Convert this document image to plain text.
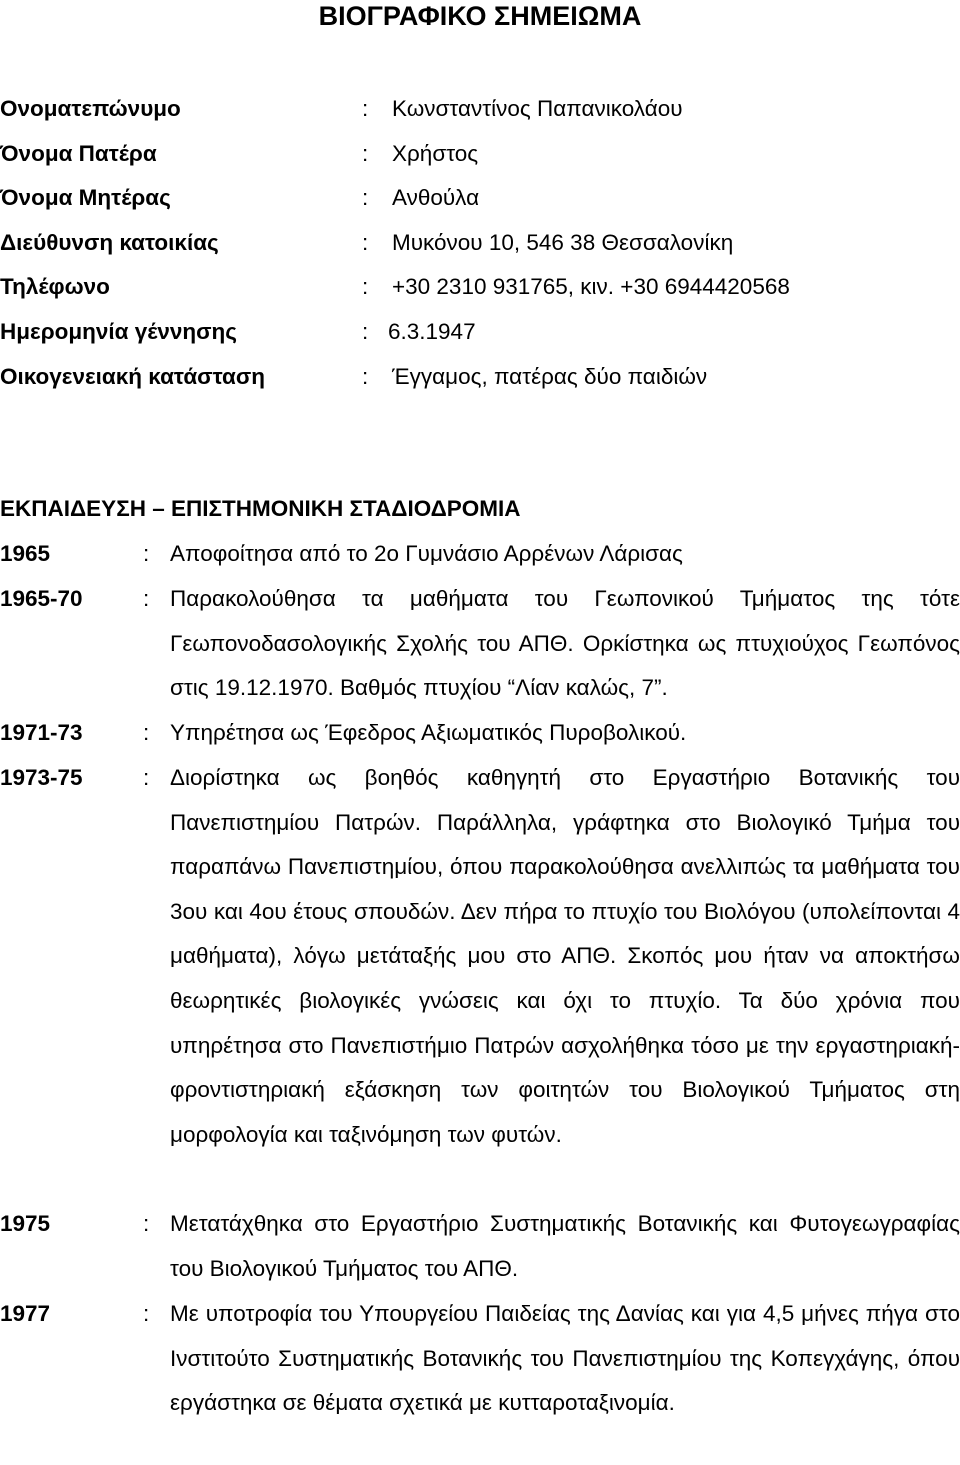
ΒΙΟΓΡΑΦΙΚΟ ΣΗΜΕΙΩΜΑ
Ονοματεπώνυμο	: Κωνσταντίνος Παπανικολάου
Όνομα Πατέρα	: Χρήστος
Όνομα Μητέρας	: Ανθούλα
Διεύθυνση κατοικίας	: Μυκόνου 10, 546 38 Θεσσαλονίκη
Τηλέφωνο	: +30 2310 931765, κιν. +30 6944420568
Ημερομηνία γέννησης	: 6.3.1947
Οικογενειακή κατάσταση	: Έγγαμος, πατέρας δύο παιδιών
ΕΚΠΑΙΔΕΥΣΗ – ΕΠΙΣΤΗΜΟΝΙΚΗ ΣΤΑΔΙΟΔΡΟΜΙΑ
1965	: Αποφοίτησα από το 2ο Γυμνάσιο Αρρένων Λάρισας
1965-70	: Παρακολούθησα τα μαθήματα του Γεωπονικού Τμήματος της τότε Γεωπονοδασολογικής Σχολής του ΑΠΘ. Ορκίστηκα ως πτυχιούχος Γεωπόνος στις 19.12.1970. Βαθμός πτυχίου “Λίαν καλώς, 7”.
1971-73	: Υπηρέτησα ως Έφεδρος Αξιωματικός Πυροβολικού.
1973-75	: Διορίστηκα ως βοηθός καθηγητή στο Εργαστήριο Βοτανικής του Πανεπιστημίου Πατρών. Παράλληλα, γράφτηκα στο Βιολογικό Τμήμα του παραπάνω Πανεπιστημίου, όπου παρακολούθησα ανελλιπώς τα μαθήματα του 3ου και 4ου έτους σπουδών. Δεν πήρα το πτυχίο του Βιολόγου (υπολείπονται 4 μαθήματα), λόγω μετάταξής μου στο ΑΠΘ. Σκοπός μου ήταν να αποκτήσω θεωρητικές βιολογικές γνώσεις και όχι το πτυχίο. Τα δύο χρόνια που υπηρέτησα στο Πανεπιστήμιο Πατρών ασχολήθηκα τόσο με την εργαστηριακή-φροντιστηριακή εξάσκηση των φοιτητών του Βιολογικού Τμήματος στη μορφολογία και ταξινόμηση των φυτών.
1975	: Μετατάχθηκα στο Εργαστήριο Συστηματικής Βοτανικής και Φυτογεωγραφίας του Βιολογικού Τμήματος του ΑΠΘ.
1977	: Με υποτροφία του Υπουργείου Παιδείας της Δανίας και για 4,5 μήνες πήγα στο Ινστιτούτο Συστηματικής Βοτανικής του Πανεπιστημίου της Κοπεγχάγης, όπου εργάστηκα σε θέματα σχετικά με κυτταροταξινομία.
